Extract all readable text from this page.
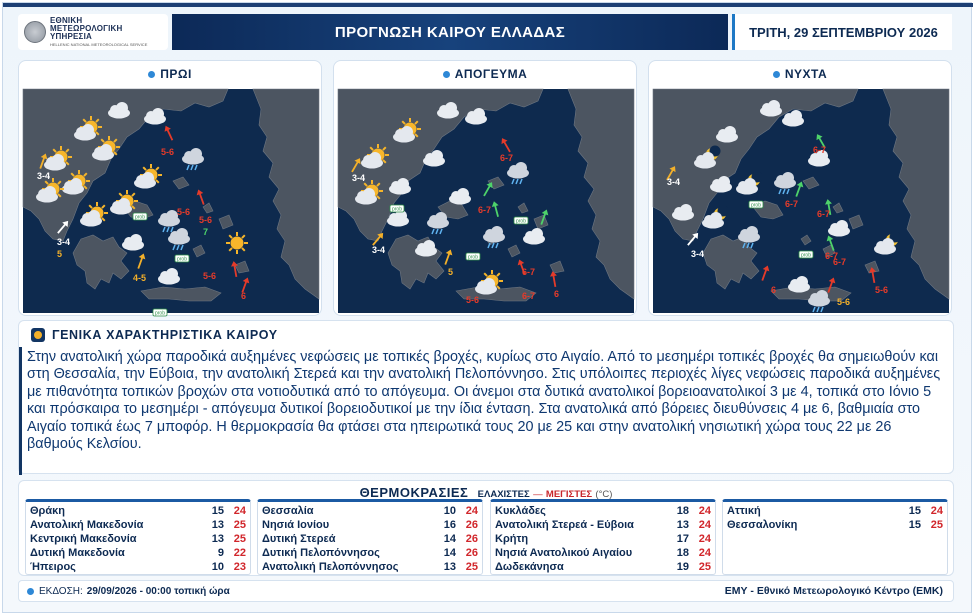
ΕΘΝΙΚΗ
ΜΕΤΕΩΡΟΛΟΓΙΚΗ
ΥΠΗΡΕΣΙΑ
HELLENIC NATIONAL METEOROLOGICAL SERVICE
ΠΡΟΓΝΩΣΗ ΚΑΙΡΟΥ ΕΛΛΑΔΑΣ	ΤΡΙΤΗ, 29 ΣΕΠΤΕΜΒΡΙΟΥ 2026
ΠΡΩΙ
3-4
3-4
5
4-5
5-6
5-6
5-6
7
5-6
6
prob
prob
prob
ΑΠΟΓΕΥΜΑ
3-4
3-4
6-7
6-7
6-7
5	6-7
5-6
6
prob
prob
prob
ΝΥΧΤΑ
3-4
3-4
6-7
6-7
6-7
6-7
6-7
6
5-6
5-6
prob
prob
ΓΕΝΙΚΑ ΧΑΡΑΚΤΗΡΙΣΤΙΚΑ ΚΑΙΡΟΥ
Στην ανατολική χώρα παροδικά αυξημένες νεφώσεις με τοπικές βροχές, κυρίως στο Αιγαίο. Από το μεσημέρι τοπικές βροχές θα σημειωθούν και στη Θεσσαλία, την Εύβοια, την ανατολική Στερεά και την ανατολική Πελοπόννησο. Στις υπόλοιπες περιοχές λίγες νεφώσεις παροδικά αυξημένες με πιθανότητα τοπικών βροχών στα νοτιοδυτικά από το απόγευμα. Οι άνεμοι στα δυτικά ανατολικοί βορειοανατολικοί 3 με 4, τοπικά στο Ιόνιο 5 και πρόσκαιρα το μεσημέρι - απόγευμα δυτικοί βορειοδυτικοί με την ίδια ένταση. Στα ανατολικά από βόρειες διευθύνσεις 4 με 6, βαθμιαία στο Αιγαίο τοπικά έως 7 μποφόρ. Η θερμοκρασία θα φτάσει στα ηπειρωτικά τους 20 με 25 και στην ανατολική νησιωτική χώρα τους 22 με 26 βαθμούς Κελσίου.
ΘΕΡΜΟΚΡΑΣΙΕΣ ΕΛΑΧΙΣΤΕΣ — ΜΕΓΙΣΤΕΣ (°C)
Θράκη	15 24
Ανατολική Μακεδονία	13 25
Κεντρική Μακεδονία	13 25
Δυτική Μακεδονία	9 22
Ήπειρος	10 23
Θεσσαλία	10 24
Νησιά Ιονίου	16 26
Δυτική Στερεά	14 26
Δυτική Πελοπόννησος	14 26
Ανατολική Πελοπόννησος	13 25
Κυκλάδες	18 24
Ανατολική Στερεά - Εύβοια	13 24
Κρήτη	17 24
Νησιά Ανατολικού Αιγαίου	18 24
Δωδεκάνησα	19 25
Αττική	15 24
Θεσσαλονίκη	15 25
ΕΚΔΟΣΗ: 29/09/2026 - 00:00 τοπική ώρα	ΕΜΥ - Εθνικό Μετεωρολογικό Κέντρο (ΕΜΚ)
